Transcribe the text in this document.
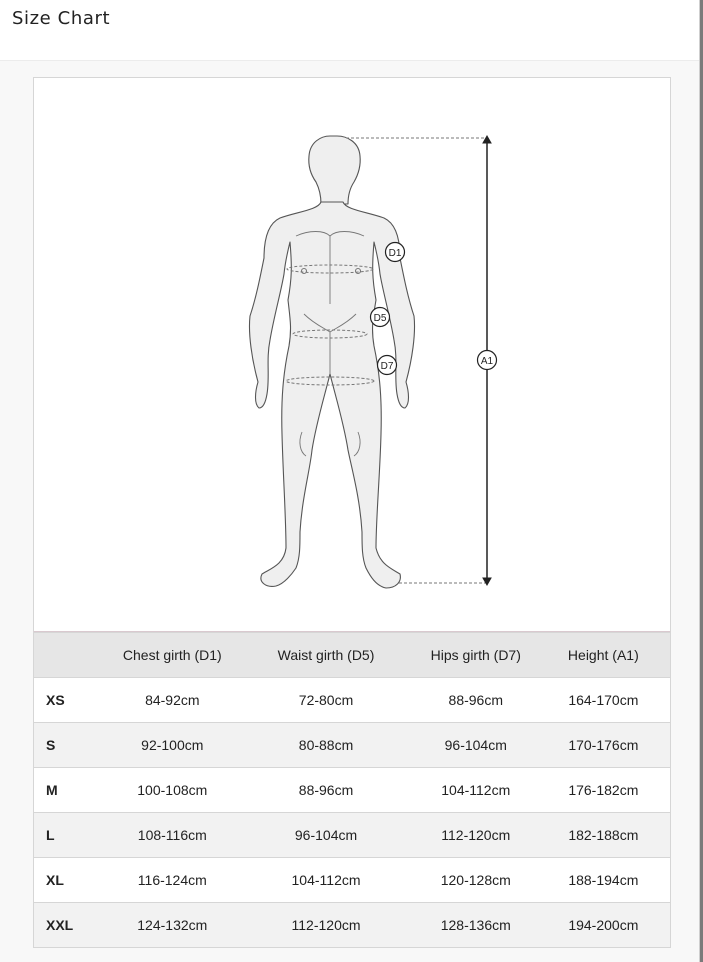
Size Chart
D1
D5
D7	A1
	Chest girth (D1)	Waist girth (D5)	Hips girth (D7)	Height (A1)
XS	84-92cm	72-80cm	88-96cm	164-170cm
S	92-100cm	80-88cm	96-104cm	170-176cm
M	100-108cm	88-96cm	104-112cm	176-182cm
L	108-116cm	96-104cm	112-120cm	182-188cm
XL	116-124cm	104-112cm	120-128cm	188-194cm
XXL	124-132cm	112-120cm	128-136cm	194-200cm
